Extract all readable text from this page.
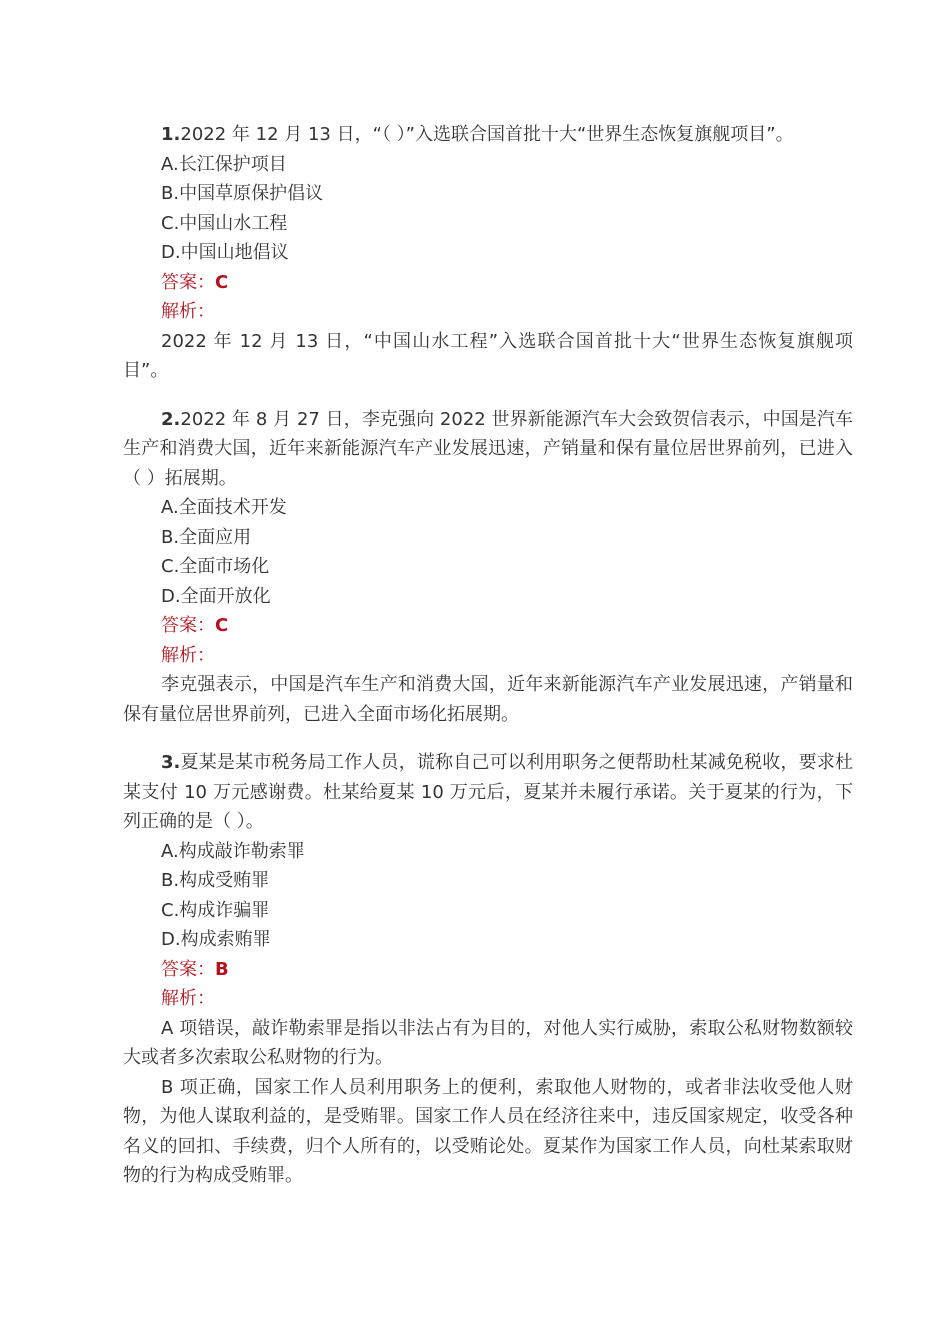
1.2022 年 12 月 13 日，“（ ）”入选联合国首批十大“世界生态恢复旗舰项目”。
A.长江保护项目
B.中国草原保护倡议
C.中国山水工程
D.中国山地倡议
答案：C
解析：
2022 年 12 月 13 日，“中国山水工程”入选联合国首批十大“世界生态恢复旗舰项目”。
2.2022 年 8 月 27 日，李克强向 2022 世界新能源汽车大会致贺信表示，中国是汽车生产和消费大国，近年来新能源汽车产业发展迅速，产销量和保有量位居世界前列，已进入（ ）拓展期。
A.全面技术开发
B.全面应用
C.全面市场化
D.全面开放化
答案：C
解析：
李克强表示，中国是汽车生产和消费大国，近年来新能源汽车产业发展迅速，产销量和保有量位居世界前列，已进入全面市场化拓展期。
3.夏某是某市税务局工作人员，谎称自己可以利用职务之便帮助杜某减免税收，要求杜某支付 10 万元感谢费。杜某给夏某 10 万元后，夏某并未履行承诺。关于夏某的行为，下列正确的是（ ）。
A.构成敲诈勒索罪
B.构成受贿罪
C.构成诈骗罪
D.构成索贿罪
答案：B
解析：
A 项错误，敲诈勒索罪是指以非法占有为目的，对他人实行威胁，索取公私财物数额较大或者多次索取公私财物的行为。
B 项正确，国家工作人员利用职务上的便利，索取他人财物的，或者非法收受他人财物，为他人谋取利益的，是受贿罪。国家工作人员在经济往来中，违反国家规定，收受各种名义的回扣、手续费，归个人所有的，以受贿论处。夏某作为国家工作人员，向杜某索取财物的行为构成受贿罪。
